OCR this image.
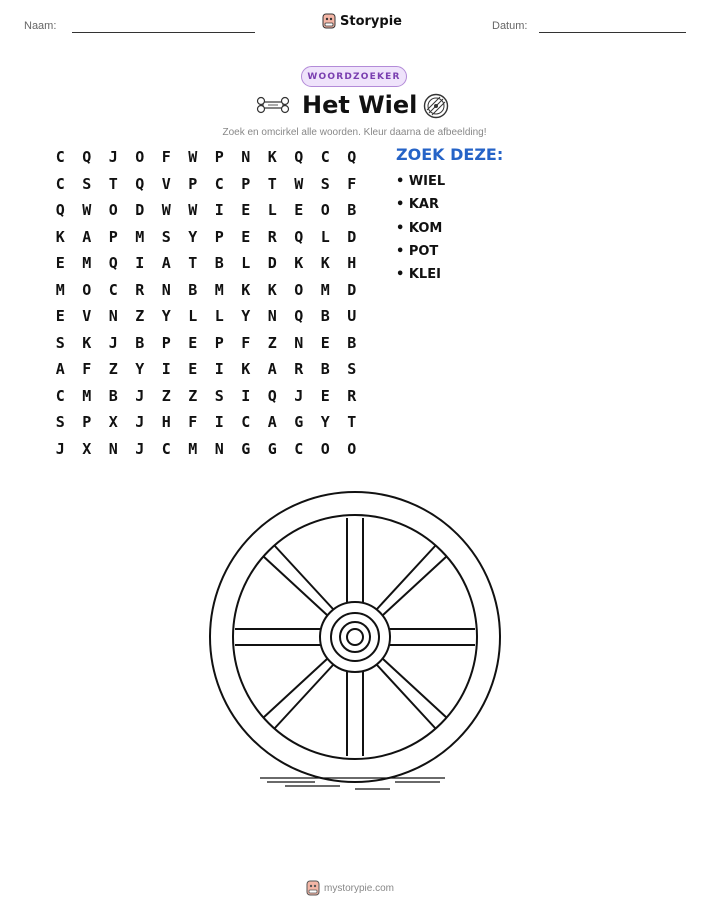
Naam:	Storypie	Datum:
WOORDZOEKER
Het Wiel
Zoek en omcirkel alle woorden. Kleur daarna de afbeelding!
C	Q	J	O	F	W	P	N	K	Q	C	Q
C	S	T	Q	V	P	C	P	T	W	S	F
Q	W	O	D	W	W	I	E	L	E	O	B
K	A	P	M	S	Y	P	E	R	Q	L	D
E	M	Q	I	A	T	B	L	D	K	K	H
M	O	C	R	N	B	M	K	K	O	M	D
E	V	N	Z	Y	L	L	Y	N	Q	B	U
S	K	J	B	P	E	P	F	Z	N	E	B
A	F	Z	Y	I	E	I	K	A	R	B	S
C	M	B	J	Z	Z	S	I	Q	J	E	R
S	P	X	J	H	F	I	C	A	G	Y	T
J	X	N	J	C	M	N	G	G	C	O	O
ZOEK DEZE:
• WIEL
• KAR
• KOM
• POT
• KLEI
mystorypie.com
